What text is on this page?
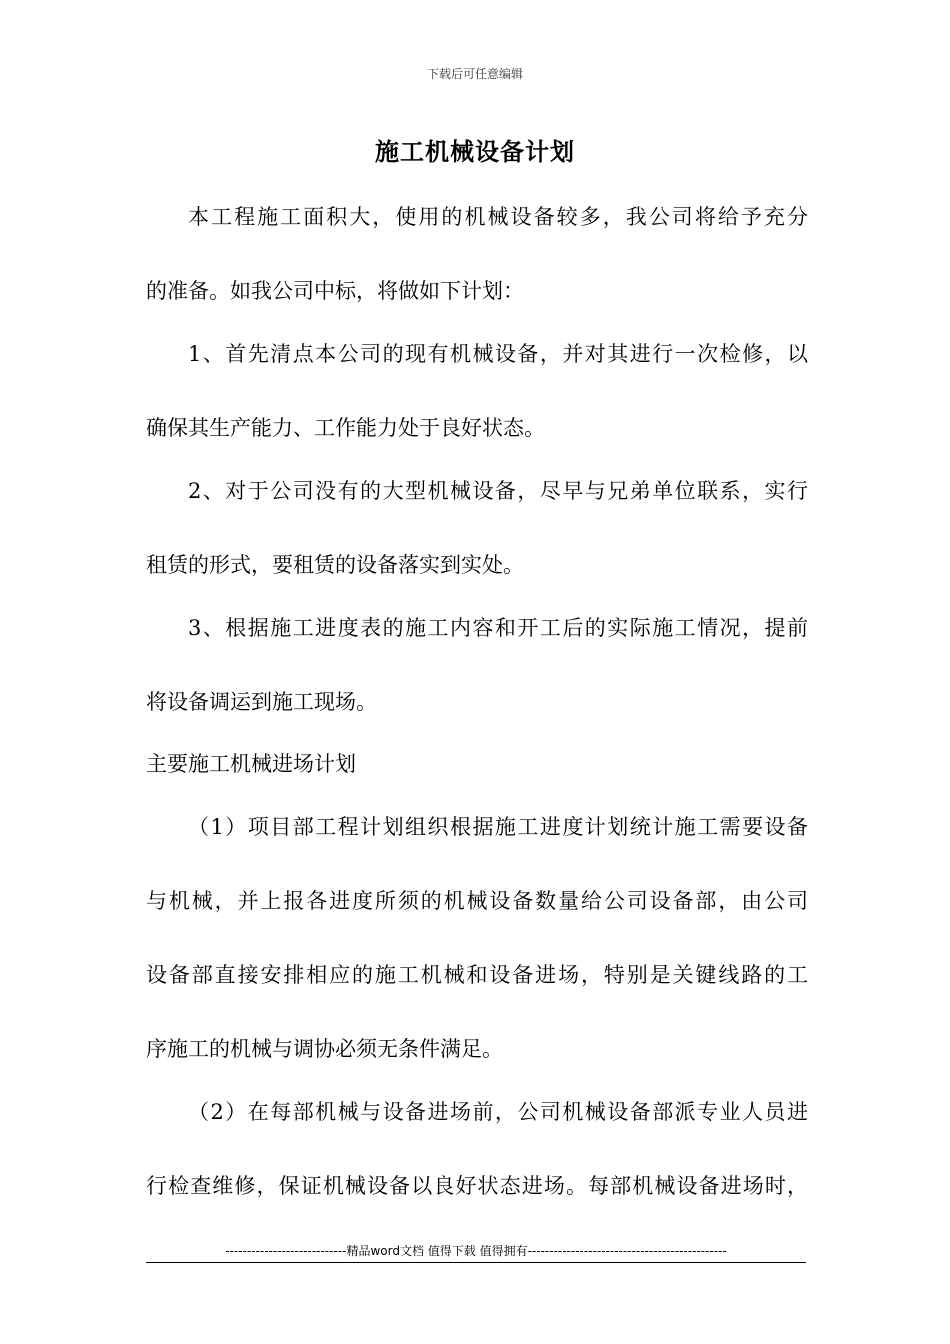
下载后可任意编辑
施工机械设备计划
本工程施工面积大，使用的机械设备较多，我公司将给予充分
的准备。如我公司中标，将做如下计划：
1、首先清点本公司的现有机械设备，并对其进行一次检修，以
确保其生产能力、工作能力处于良好状态。
2、对于公司没有的大型机械设备，尽早与兄弟单位联系，实行
租赁的形式，要租赁的设备落实到实处。
3、根据施工进度表的施工内容和开工后的实际施工情况，提前
将设备调运到施工现场。
主要施工机械进场计划
（1）项目部工程计划组织根据施工进度计划统计施工需要设备
与机械，并上报各进度所须的机械设备数量给公司设备部，由公司
设备部直接安排相应的施工机械和设备进场，特别是关键线路的工
序施工的机械与调协必须无条件满足。
（2）在每部机械与设备进场前，公司机械设备部派专业人员进
行检查维修，保证机械设备以良好状态进场。每部机械设备进场时，
----------------------------精品word文档 值得下载 值得拥有----------------------------------------------
